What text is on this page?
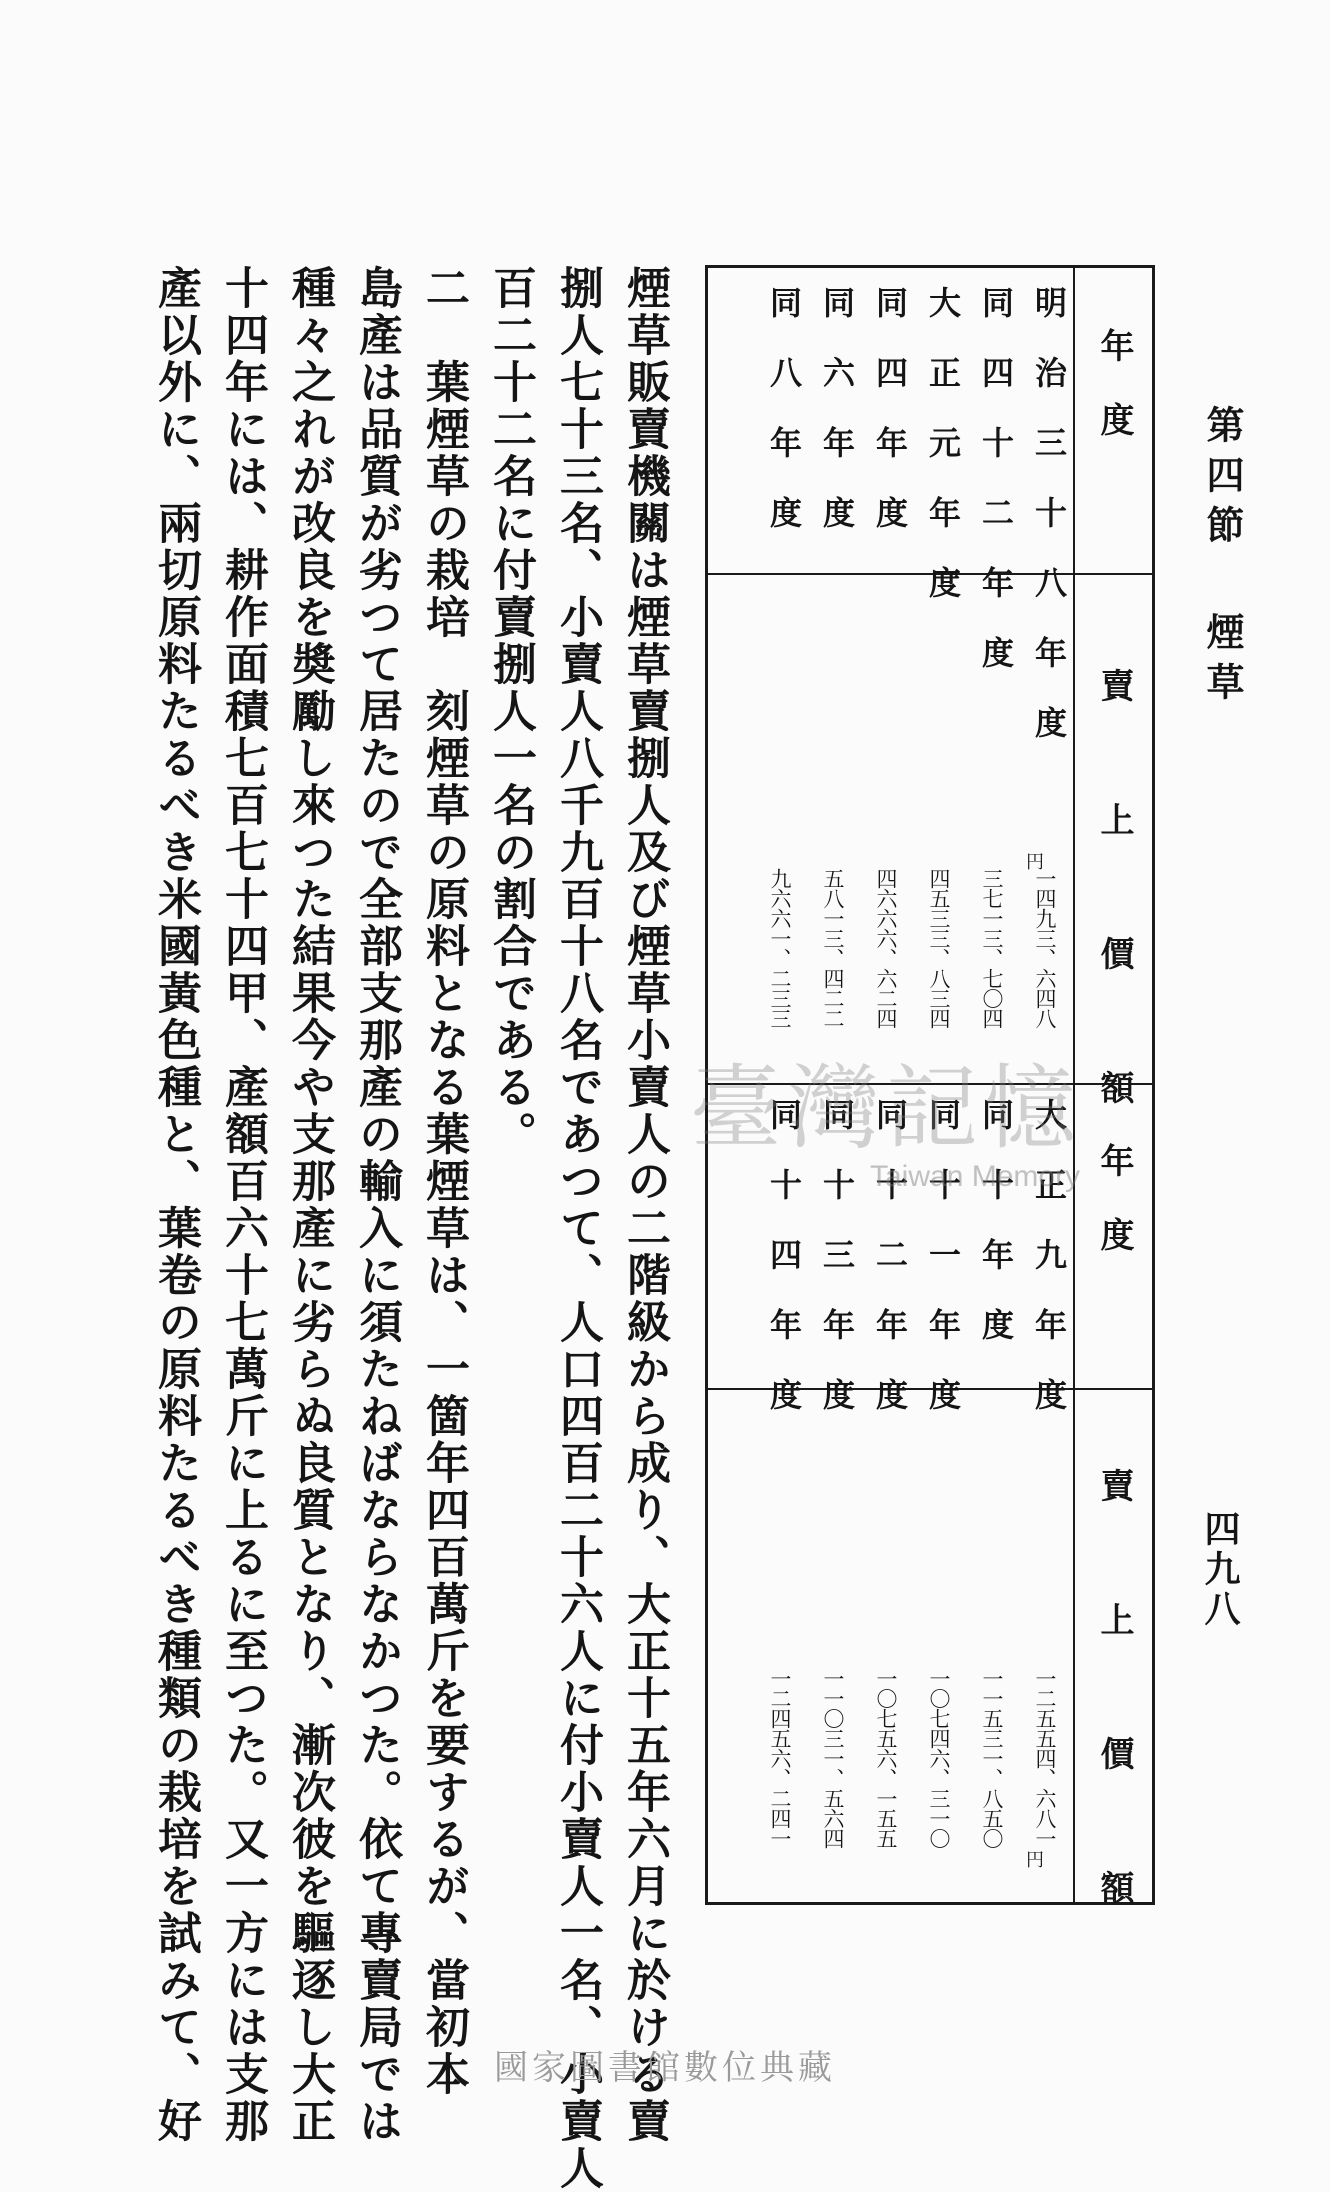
第四節 煙草
四九八
年 度
賣 上 價 額
年 度
賣 上 價 額
明 治 三 十 八 年 度
同 四 十 二 年 度
大 正 元 年 度
同 四 年 度
同 六 年 度
同 八 年 度
一四九三、六四八
円
三七一三、七〇四
四五三三、八三四
四六六六、六二四
五八一三、四二二
九六六一、二三三
大 正 九 年 度
同 十 年 度
同 十 一 年 度
同 十 二 年 度
同 十 三 年 度
同 十 四 年 度
円
一二五五四、六八一
一一五三一、八五〇
一〇七四六、三一〇
一〇七五六、一五五
一一〇三一、五六四
一二四五六、二四一
煙草販賣機關は煙草賣捌人及び煙草小賣人の二階級から成り、大正十五年六月に於ける賣
捌人七十三名、小賣人八千九百十八名であつて、人口四百二十六人に付小賣人一名、小賣人
百二十二名に付賣捌人一名の割合である。
二　葉煙草の栽培　刻煙草の原料となる葉煙草は、一箇年四百萬斤を要するが、當初本
島產は品質が劣つて居たので全部支那產の輸入に須たねばならなかつた。依て專賣局では
種々之れが改良を奬勵し來つた結果今や支那產に劣らぬ良質となり、漸次彼を驅逐し大正
十四年には、耕作面積七百七十四甲、產額百六十七萬斤に上るに至つた。又一方には支那
產以外に、兩切原料たるべき米國黃色種と、葉卷の原料たるべき種類の栽培を試みて、好	臺灣記憶
Taiwan Memory
國家圖書館數位典藏
